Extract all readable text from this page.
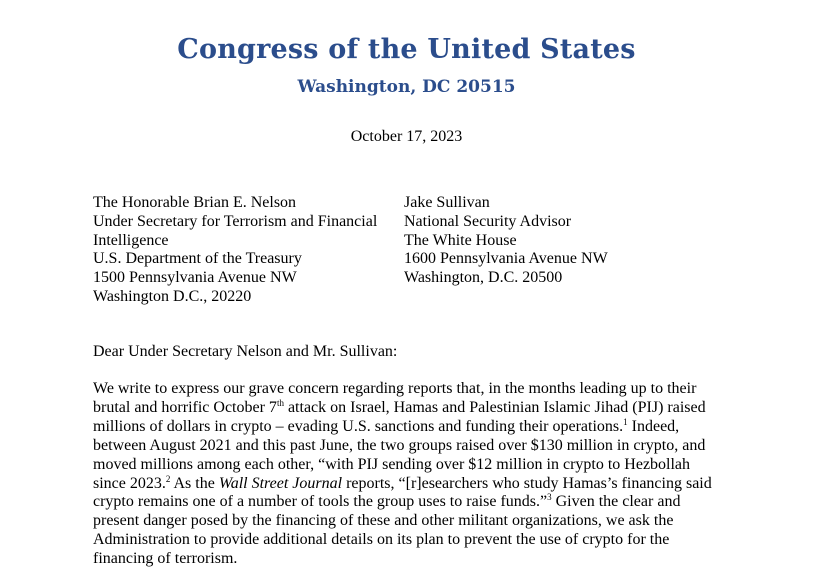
Congress of the United States
Washington, DC 20515
October 17, 2023
The Honorable Brian E. Nelson
Under Secretary for Terrorism and Financial
Intelligence
U.S. Department of the Treasury
1500 Pennsylvania Avenue NW
Washington D.C., 20220
Jake Sullivan
National Security Advisor
The White House
1600 Pennsylvania Avenue NW
Washington, D.C. 20500
Dear Under Secretary Nelson and Mr. Sullivan:
We write to express our grave concern regarding reports that, in the months leading up to their
brutal and horrific October 7th attack on Israel, Hamas and Palestinian Islamic Jihad (PIJ) raised
millions of dollars in crypto – evading U.S. sanctions and funding their operations.$^1$ Indeed,
between August 2021 and this past June, the two groups raised over $130 million in crypto, and
moved millions among each other, “with PIJ sending over $12 million in crypto to Hezbollah
since 2023.$^2$ As the Wall Street Journal reports, “[r]esearchers who study Hamas’s financing said
crypto remains one of a number of tools the group uses to raise funds.”$^3$ Given the clear and
present danger posed by the financing of these and other militant organizations, we ask the
Administration to provide additional details on its plan to prevent the use of crypto for the
financing of terrorism.
